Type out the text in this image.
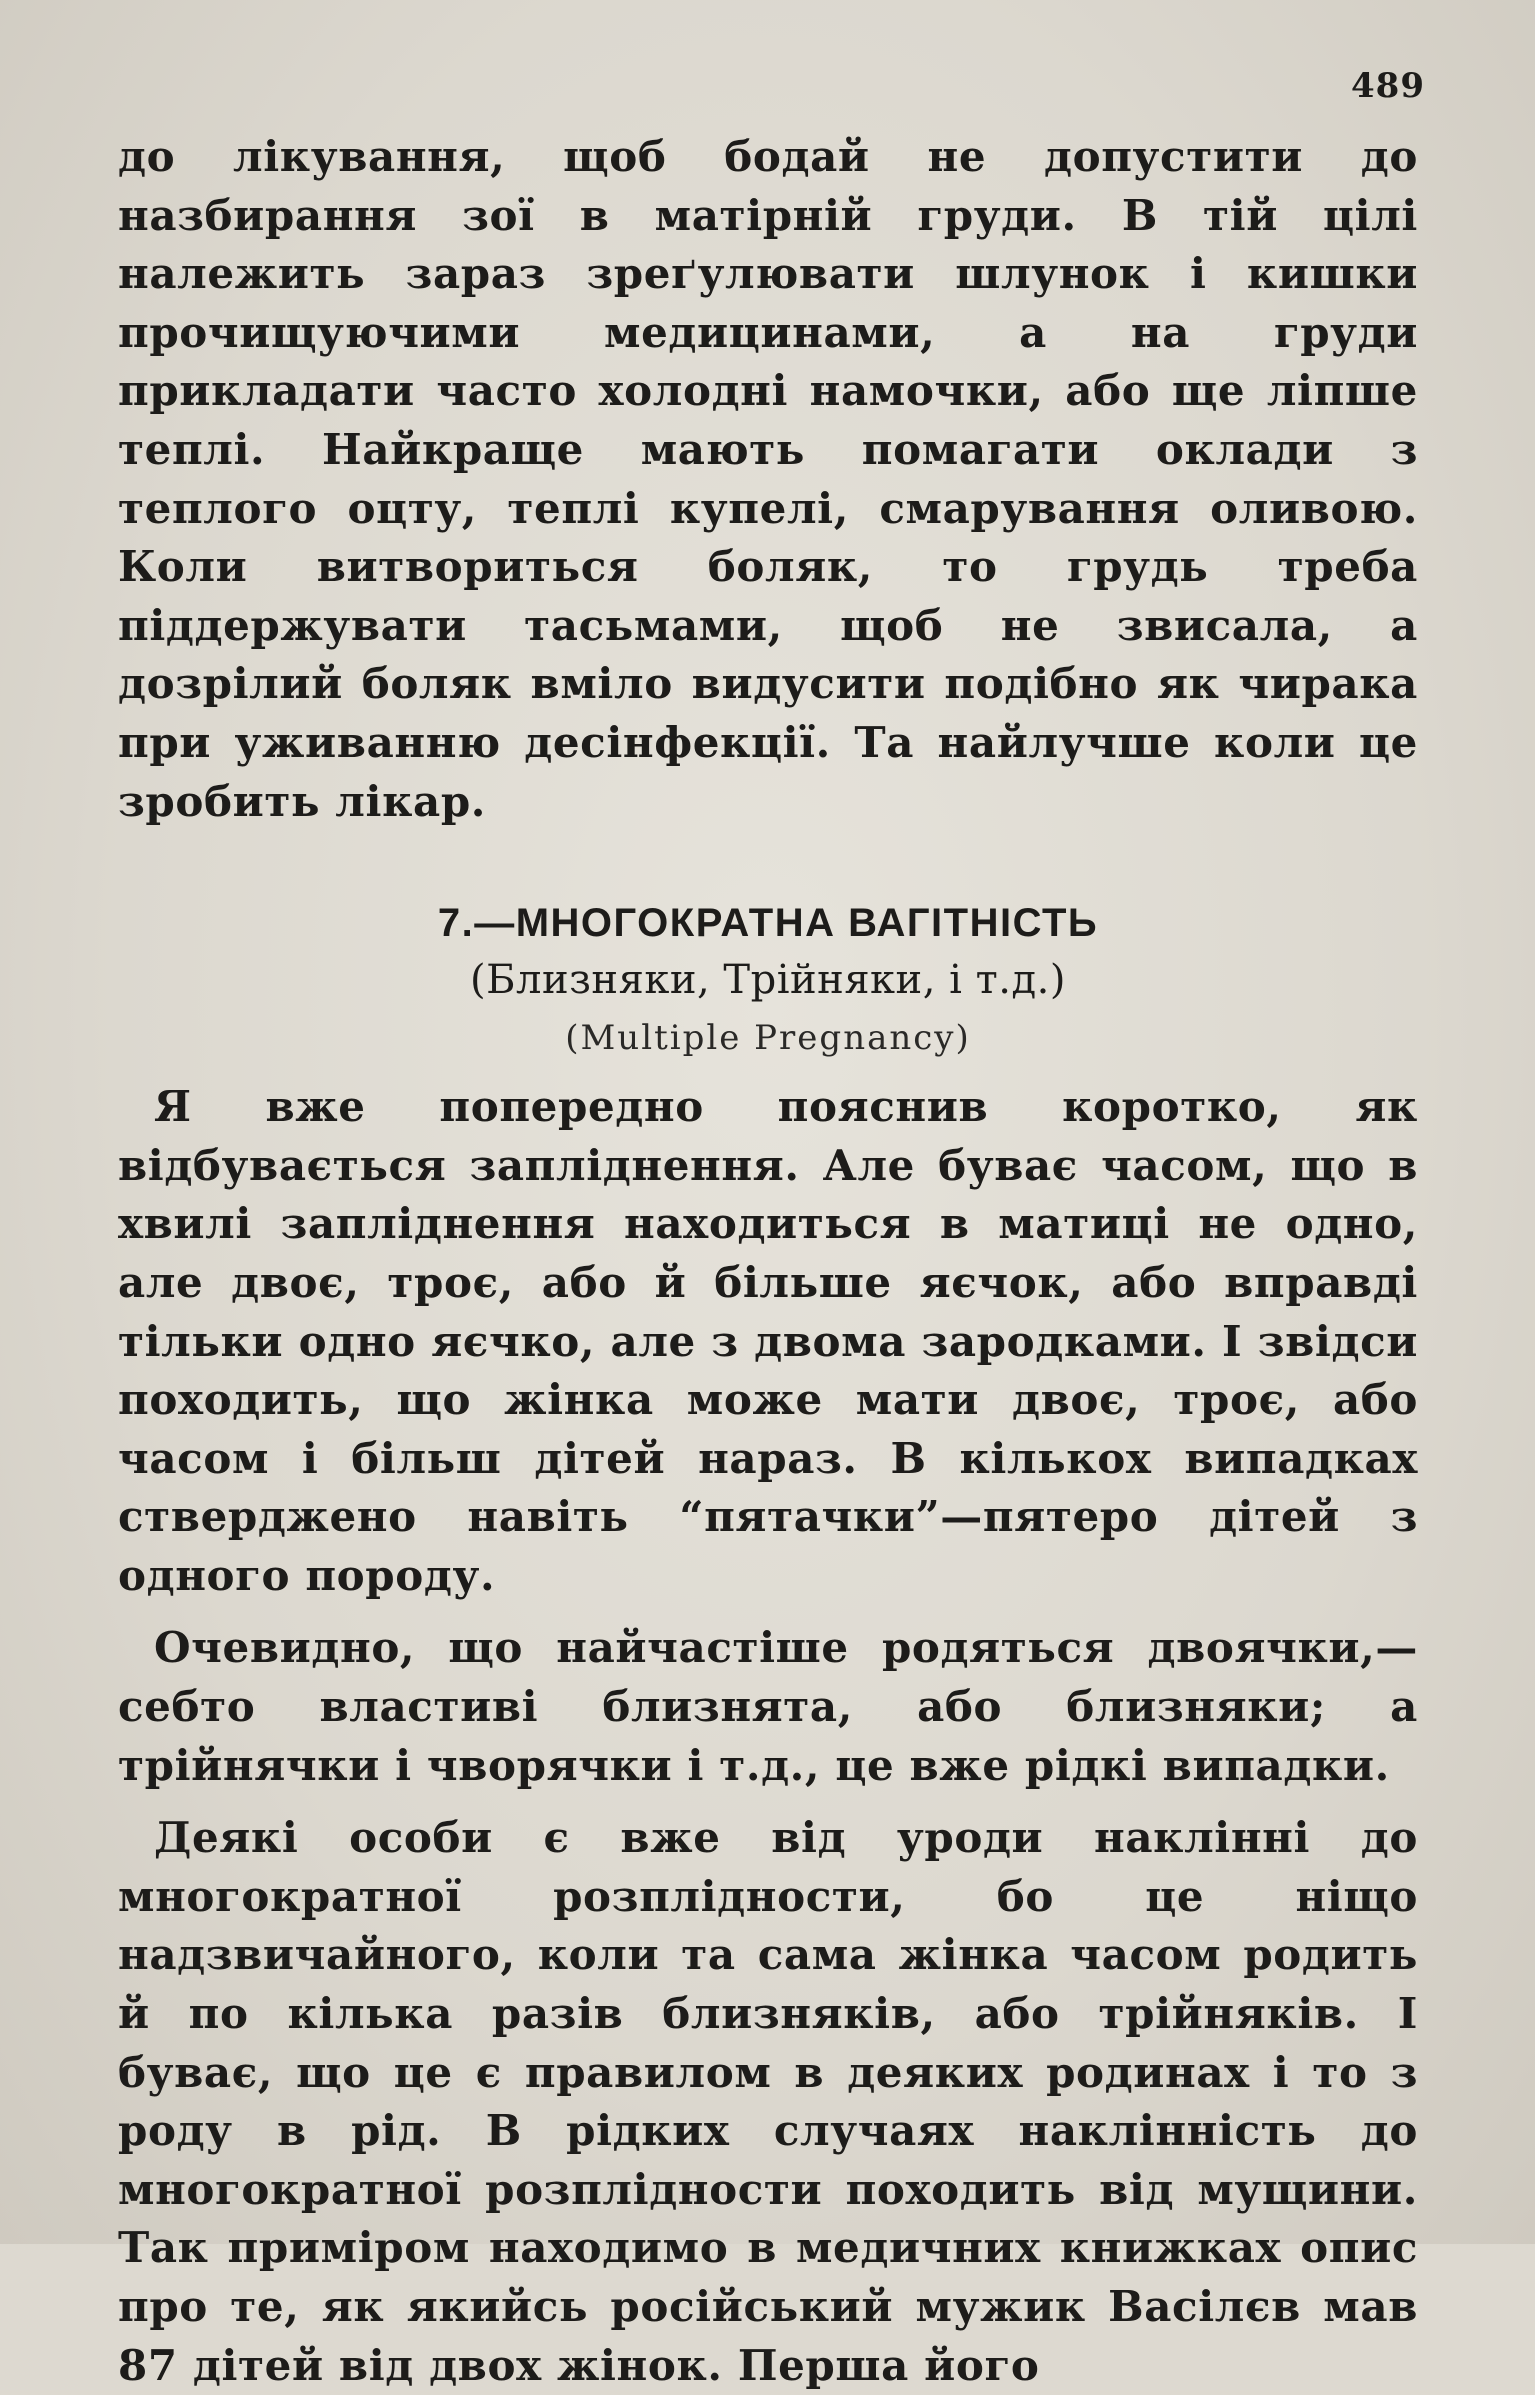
489

до лікування, щоб бодай не допустити до назбирання зої в матірній груди. В тій цілі належить зараз зреґулювати шлунок і кишки прочищуючими медицинами, а на груди прикладати часто холодні намочки, або ще ліпше теплі. Найкраще мають помагати оклади з теплого оцту, теплі купелі, смарування оливою. Коли витвориться боляк, то грудь треба піддержувати тасьмами, щоб не звисала, а дозрілий боляк вміло видусити подібно як чирака при уживанню десінфекції. Та найлучше коли це зробить лікар.

7.—МНОГОКРАТНА ВАГІТНІСТЬ
(Близняки, Трійняки, і т.д.)
(Multiple Pregnancy)

Я вже попередно пояснив коротко, як відбувається запліднення. Але буває часом, що в хвилі запліднення находиться в матиці не одно, але двоє, троє, або й більше яєчок, або вправді тільки одно яєчко, але з двома зародками. І звідси походить, що жінка може мати двоє, троє, або часом і більш дітей нараз. В кількох випадках стверджено навіть “пятачки”—пятеро дітей з одного породу.

Очевидно, що найчастіше родяться двоячки,— себто властиві близнята, або близняки; а трійнячки і чворячки і т.д., це вже рідкі випадки.

Деякі особи є вже від уроди наклінні до многократної розплідности, бо це ніщо надзвичайного, коли та сама жінка часом родить й по кілька разів близняків, або трійняків. І буває, що це є правилом в деяких родинах і то з роду в рід. В рідких случаях наклінність до многократної розплідности походить від мущини. Так приміром находимо в медичних книжках опис про те, як якийсь російський мужик Васілєв мав 87 дітей від двох жінок. Перша його
